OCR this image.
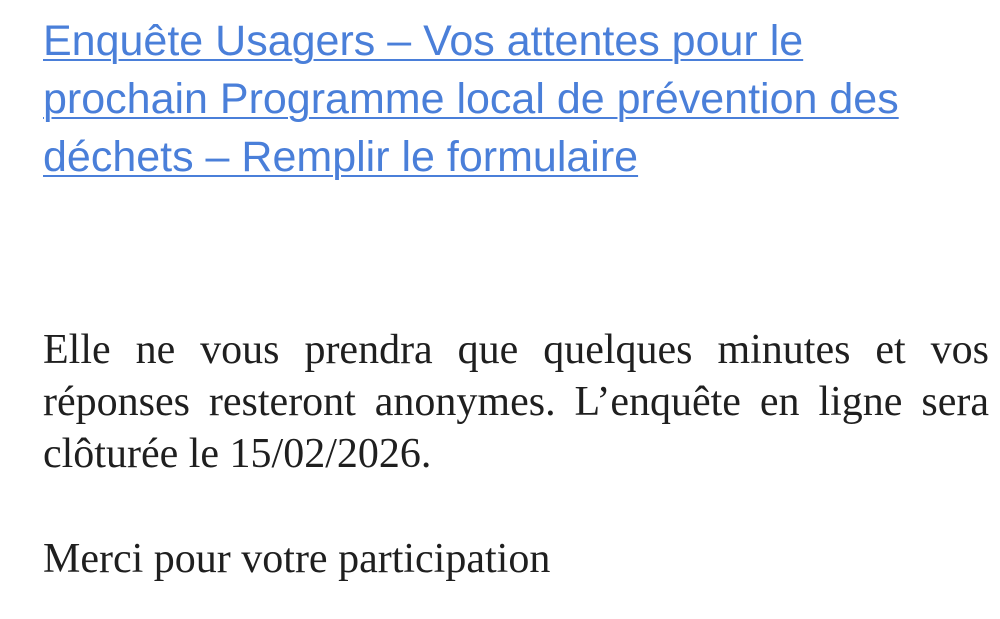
Enquête Usagers – Vos attentes pour le prochain Programme local de prévention des déchets – Remplir le formulaire

Elle ne vous prendra que quelques minutes et vos réponses resteront anonymes. L’enquête en ligne sera clôturée le 15/02/2026.

Merci pour votre participation
